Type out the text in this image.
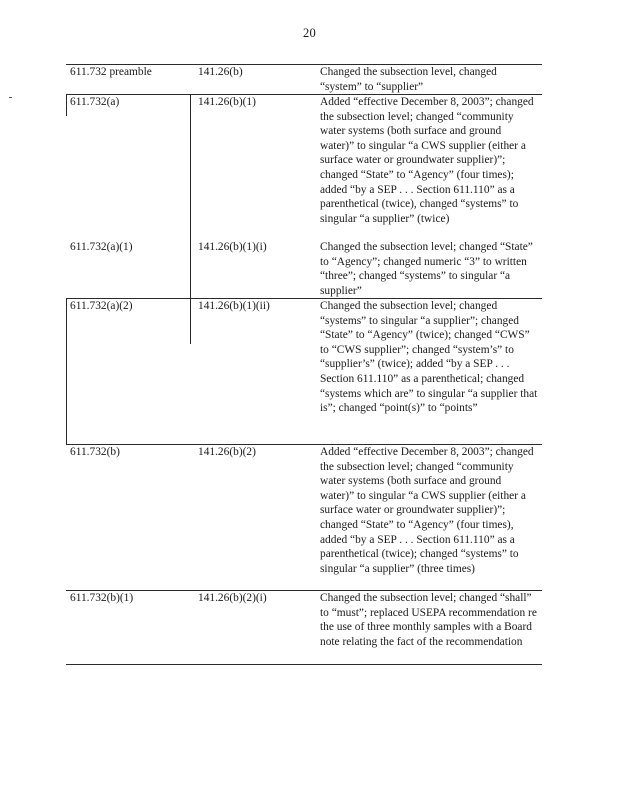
20
611.732 preamble	141.26(b)	Changed the subsection level, changed “system” to “supplier”
611.732(a)	141.26(b)(1)	Added “effective December 8, 2003”; changed the subsection level; changed “community water systems (both surface and ground water)” to singular “a CWS supplier (either a surface water or groundwater supplier)”; changed “State” to “Agency” (four times); added “by a SEP . . . Section 611.110” as a parenthetical (twice), changed “systems” to singular “a supplier” (twice)
611.732(a)(1)	141.26(b)(1)(i)	Changed the subsection level; changed “State” to “Agency”; changed numeric “3” to written “three”; changed “systems” to singular “a supplier”
611.732(a)(2)	141.26(b)(1)(ii)	Changed the subsection level; changed “systems” to singular “a supplier”; changed “State” to “Agency” (twice); changed “CWS” to “CWS supplier”; changed “system’s” to “supplier’s” (twice); added “by a SEP . . . Section 611.110” as a parenthetical; changed “systems which are” to singular “a supplier that is”; changed “point(s)” to “points”
611.732(b)	141.26(b)(2)	Added “effective December 8, 2003”; changed the subsection level; changed “community water systems (both surface and ground water)” to singular “a CWS supplier (either a surface water or groundwater supplier)”; changed “State” to “Agency” (four times), added “by a SEP . . . Section 611.110” as a parenthetical (twice); changed “systems” to singular “a supplier” (three times)
611.732(b)(1)	141.26(b)(2)(i)	Changed the subsection level; changed “shall” to “must”; replaced USEPA recommendation re the use of three monthly samples with a Board note relating the fact of the recommendation
